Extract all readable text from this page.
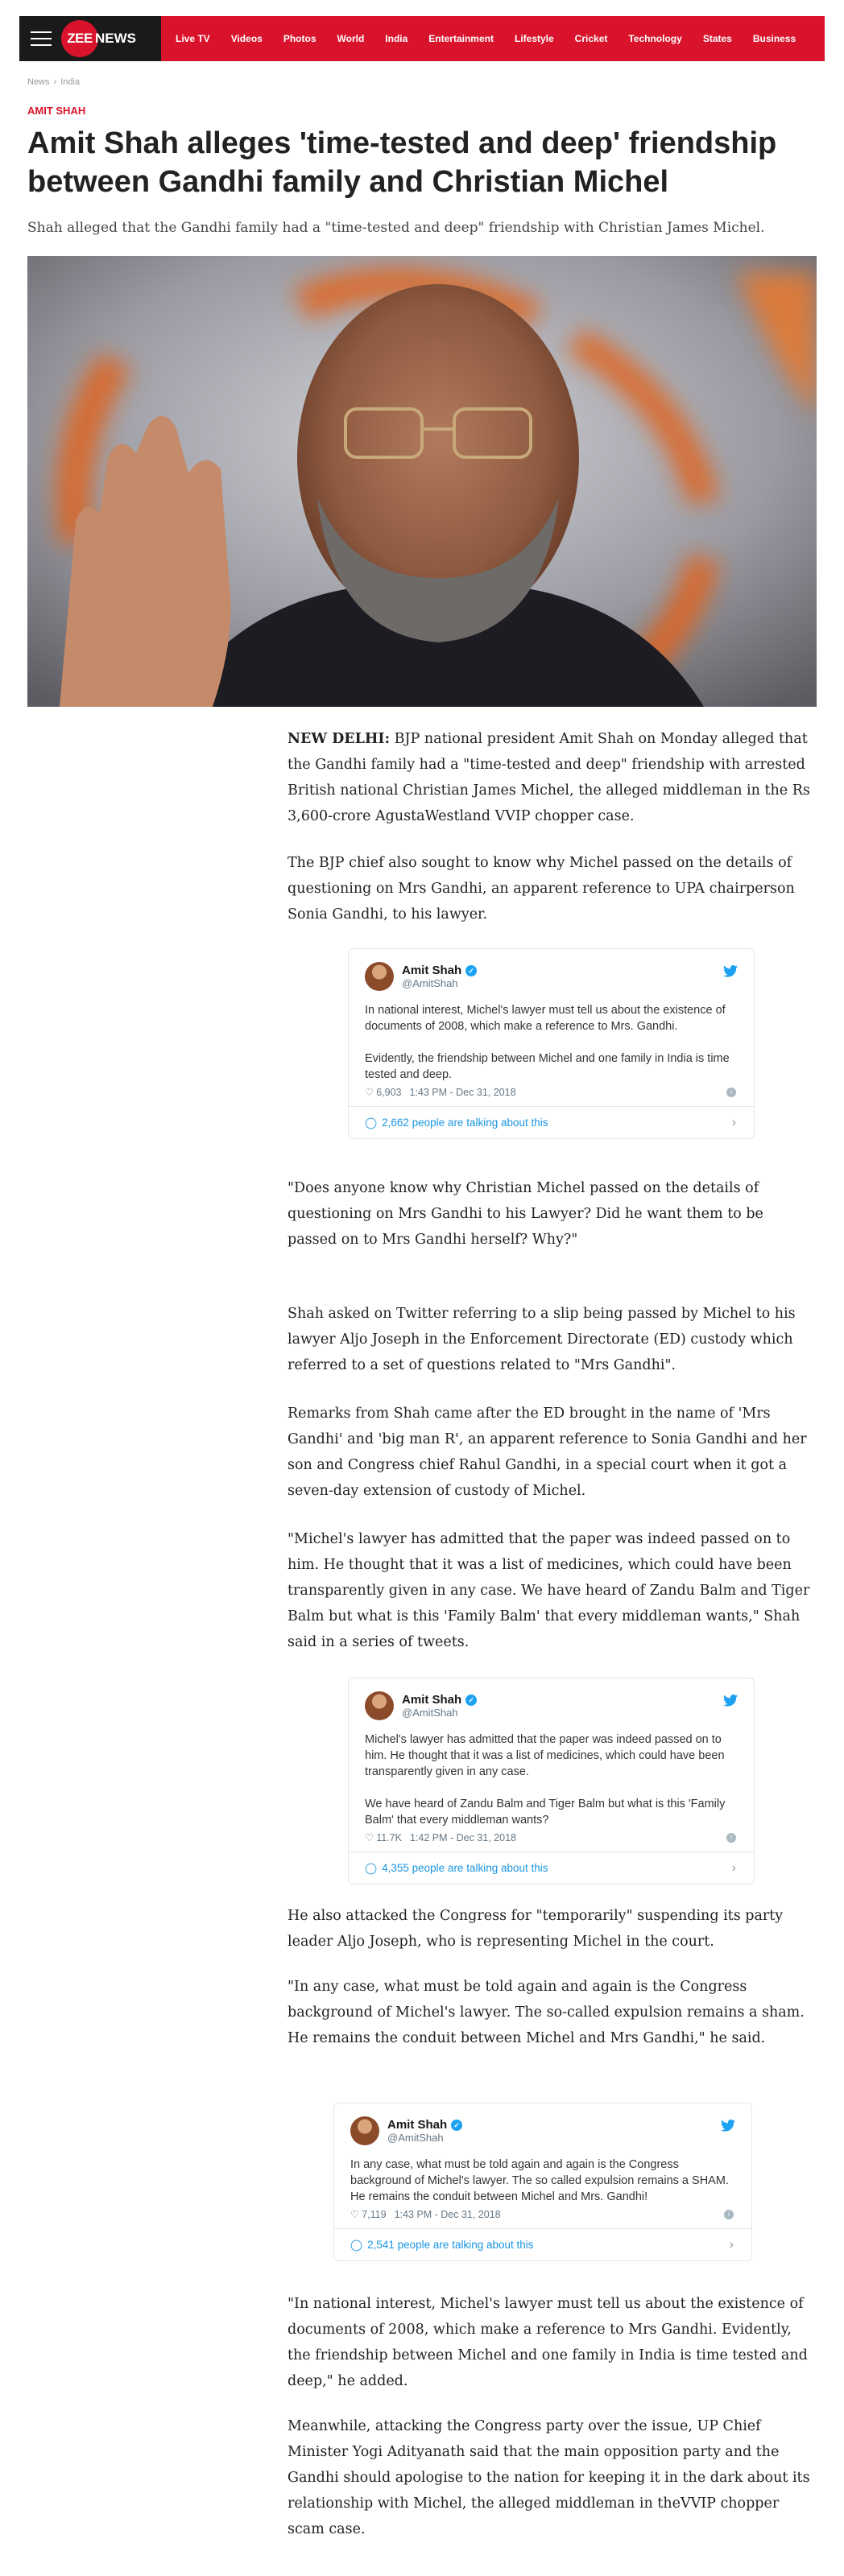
ZEE NEWS	Live TV Videos Photos World India Entertainment Lifestyle Cricket Technology States Business
News › India
AMIT SHAH
Amit Shah alleges 'time-tested and deep' friendship between Gandhi family and Christian Michel
Shah alleged that the Gandhi family had a "time-tested and deep" friendship with Christian James Michel.
NEW DELHI: BJP national president Amit Shah on Monday alleged that the Gandhi family had a "time-tested and deep" friendship with arrested British national Christian James Michel, the alleged middleman in the Rs 3,600-crore AgustaWestland VVIP chopper case.
The BJP chief also sought to know why Michel passed on the details of questioning on Mrs Gandhi, an apparent reference to UPA chairperson Sonia Gandhi, to his lawyer.
Amit Shah ✓
@AmitShah

In national interest, Michel's lawyer must tell us about the existence of documents of 2008, which make a reference to Mrs. Gandhi.

Evidently, the friendship between Michel and one family in India is time tested and deep.

♡ 6,903 1:43 PM - Dec 31, 2018	i
◯ 2,662 people are talking about this	›
"Does anyone know why Christian Michel passed on the details of questioning on Mrs Gandhi to his Lawyer? Did he want them to be passed on to Mrs Gandhi herself? Why?"
Shah asked on Twitter referring to a slip being passed by Michel to his lawyer Aljo Joseph in the Enforcement Directorate (ED) custody which referred to a set of questions related to "Mrs Gandhi".
Remarks from Shah came after the ED brought in the name of 'Mrs Gandhi' and 'big man R', an apparent reference to Sonia Gandhi and her son and Congress chief Rahul Gandhi, in a special court when it got a seven-day extension of custody of Michel.
"Michel's lawyer has admitted that the paper was indeed passed on to him. He thought that it was a list of medicines, which could have been transparently given in any case. We have heard of Zandu Balm and Tiger Balm but what is this 'Family Balm' that every middleman wants," Shah said in a series of tweets.
Amit Shah ✓
@AmitShah

Michel's lawyer has admitted that the paper was indeed passed on to him. He thought that it was a list of medicines, which could have been transparently given in any case.

We have heard of Zandu Balm and Tiger Balm but what is this 'Family Balm' that every middleman wants?

♡ 11.7K 1:42 PM - Dec 31, 2018	i
◯ 4,355 people are talking about this	›
He also attacked the Congress for "temporarily" suspending its party leader Aljo Joseph, who is representing Michel in the court.
"In any case, what must be told again and again is the Congress background of Michel's lawyer. The so-called expulsion remains a sham. He remains the conduit between Michel and Mrs Gandhi," he said.
Amit Shah ✓
@AmitShah

In any case, what must be told again and again is the Congress background of Michel's lawyer. The so called expulsion remains a SHAM. He remains the conduit between Michel and Mrs. Gandhi!

♡ 7,119 1:43 PM - Dec 31, 2018	i
◯ 2,541 people are talking about this	›
"In national interest, Michel's lawyer must tell us about the existence of documents of 2008, which make a reference to Mrs Gandhi. Evidently, the friendship between Michel and one family in India is time tested and deep," he added.
Meanwhile, attacking the Congress party over the issue, UP Chief Minister Yogi Adityanath said that the main opposition party and the Gandhi should apologise to the nation for keeping it in the dark about its relationship with Michel, the alleged middleman in theVVIP chopper scam case.
